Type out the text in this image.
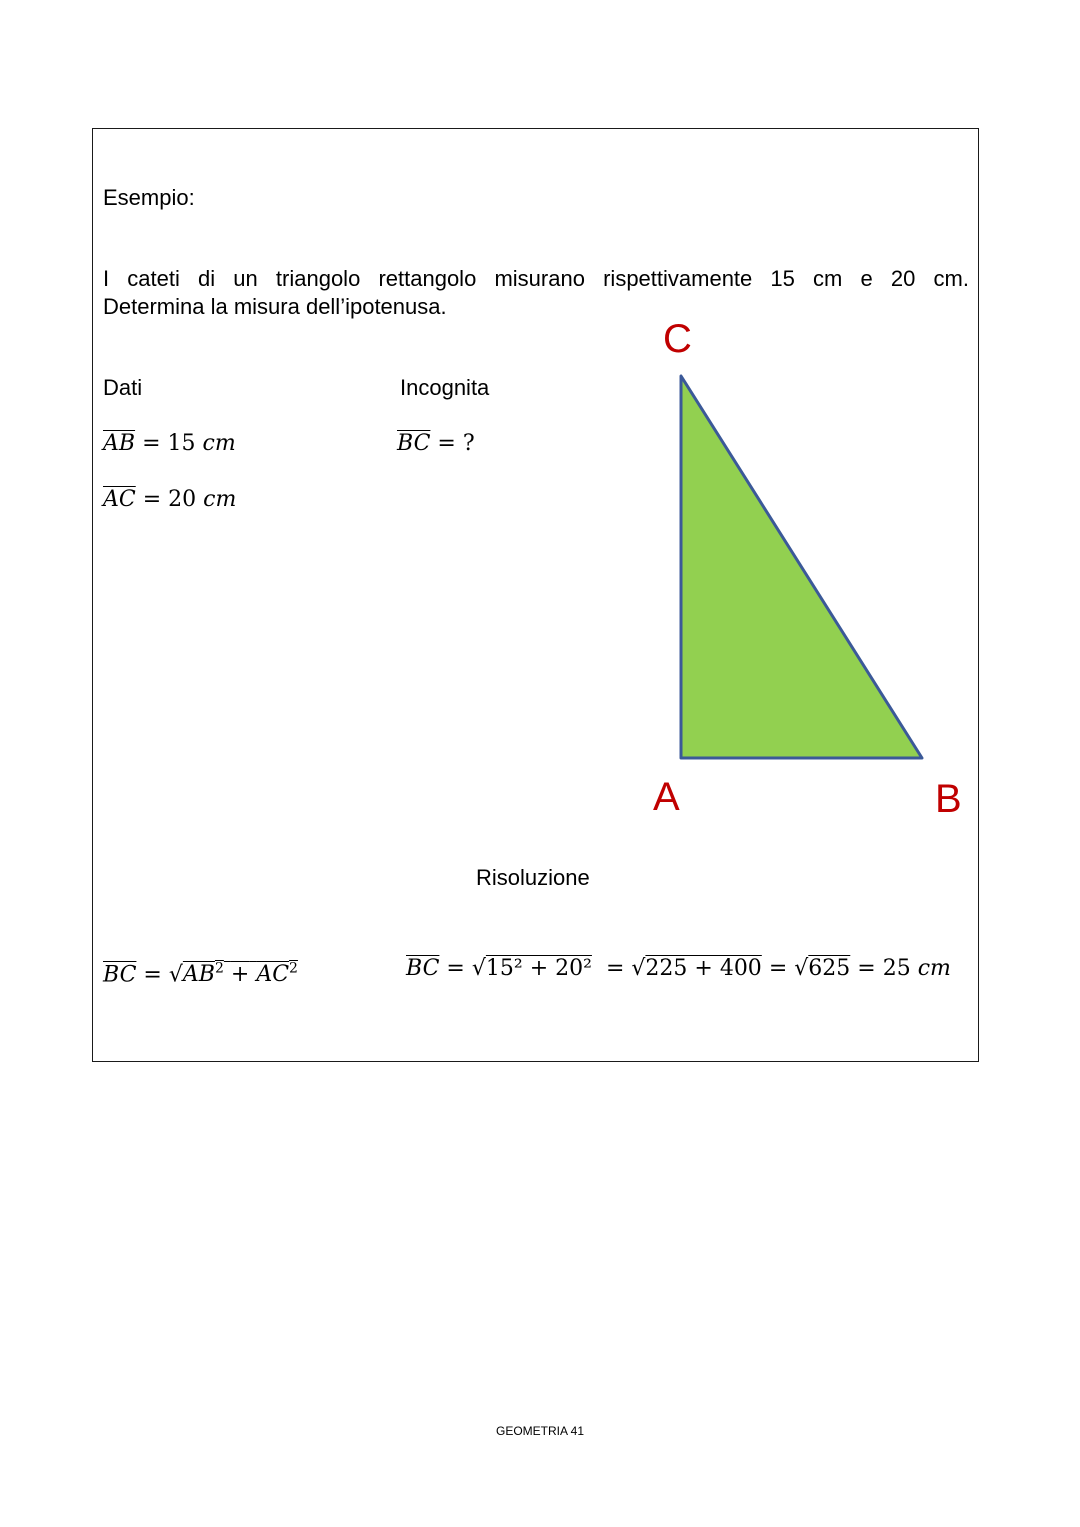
Esempio:
I cateti di un triangolo rettangolo misurano rispettivamente 15 cm e 20 cm.
Determina la misura dell’ipotenusa.
Dati
$\overline{AB} = 15$ cm
$\overline{AC} = 20$ cm
Incognita
$\overline{BC}$ = ?
C
A	B
Risoluzione
$\overline{BC} = √AB^2 + AC^2$	$\overline{BC} = √15^2 + 20^2 = √225 + 400 = √625 = 25$ cm
GEOMETRIA 41
